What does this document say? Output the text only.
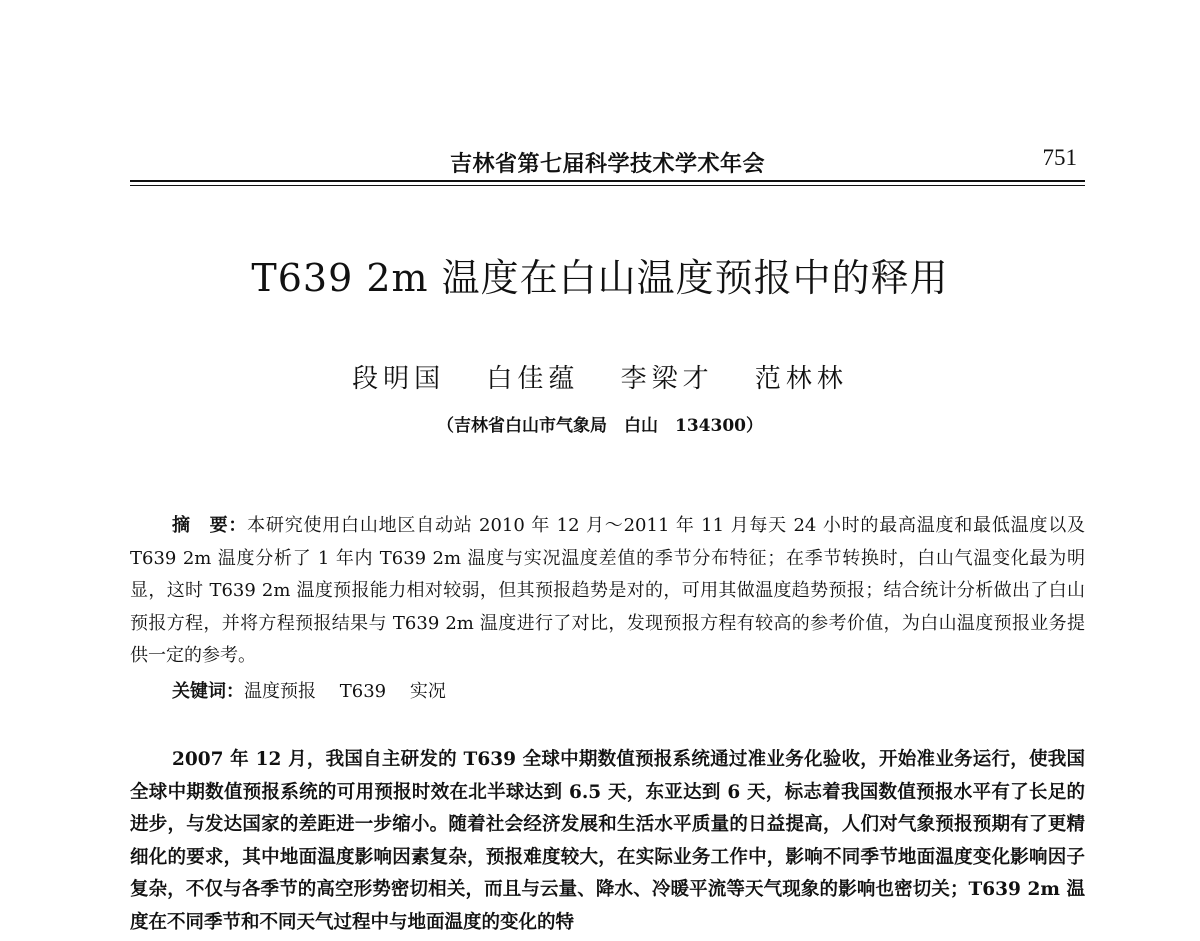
吉林省第七届科学技术学术年会	751
T639 2m 温度在白山温度预报中的释用
段明国 白佳蕴 李梁才 范林林
（吉林省白山市气象局　白山　134300）
摘　要：本研究使用白山地区自动站 2010 年 12 月～2011 年 11 月每天 24 小时的最高温度和最低温度以及 T639 2m 温度分析了 1 年内 T639 2m 温度与实况温度差值的季节分布特征；在季节转换时，白山气温变化最为明显，这时 T639 2m 温度预报能力相对较弱，但其预报趋势是对的，可用其做温度趋势预报；结合统计分析做出了白山预报方程，并将方程预报结果与 T639 2m 温度进行了对比，发现预报方程有较高的参考价值，为白山温度预报业务提供一定的参考。
关键词：温度预报 T639 实况
2007 年 12 月，我国自主研发的 T639 全球中期数值预报系统通过准业务化验收，开始准业务运行，使我国全球中期数值预报系统的可用预报时效在北半球达到 6.5 天，东亚达到 6 天，标志着我国数值预报水平有了长足的进步，与发达国家的差距进一步缩小。随着社会经济发展和生活水平质量的日益提高，人们对气象预报预期有了更精细化的要求，其中地面温度影响因素复杂，预报难度较大，在实际业务工作中，影响不同季节地面温度变化影响因子复杂，不仅与各季节的高空形势密切相关，而且与云量、降水、冷暖平流等天气现象的影响也密切关；T639 2m 温度在不同季节和不同天气过程中与地面温度的变化的特
